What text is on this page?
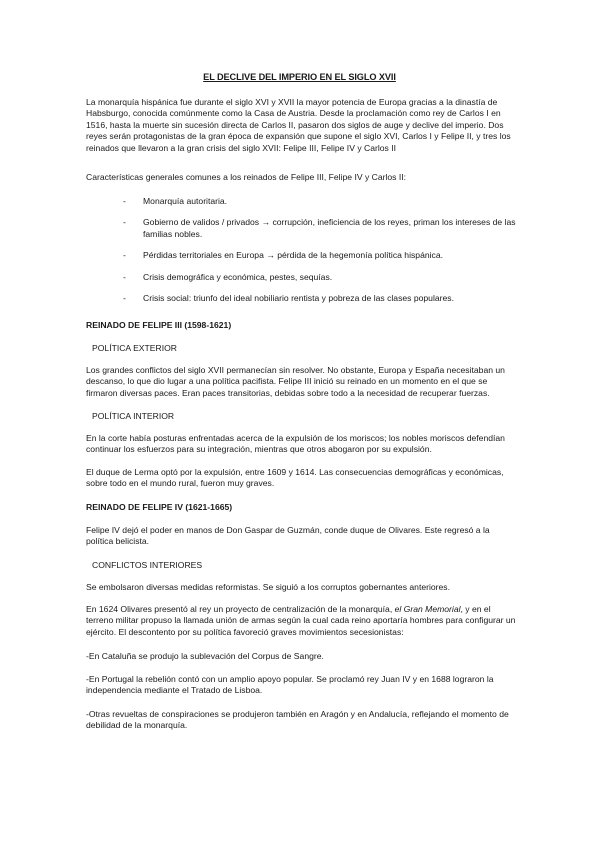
EL DECLIVE DEL IMPERIO EN EL SIGLO XVII

La monarquía hispánica fue durante el siglo XVI y XVII la mayor potencia de Europa gracias a la dinastía de Habsburgo, conocida comúnmente como la Casa de Austria. Desde la proclamación como rey de Carlos I en 1516, hasta la muerte sin sucesión directa de Carlos II, pasaron dos siglos de auge y declive del imperio. Dos reyes serán protagonistas de la gran época de expansión que supone el siglo XVI, Carlos I y Felipe II, y tres los reinados que llevaron a la gran crisis del siglo XVII: Felipe III, Felipe IV y Carlos II

Características generales comunes a los reinados de Felipe III, Felipe IV y Carlos II:

- Monarquía autoritaria.
- Gobierno de validos / privados → corrupción, ineficiencia de los reyes, priman los intereses de las familias nobles.
- Pérdidas territoriales en Europa → pérdida de la hegemonía política hispánica.
- Crisis demográfica y económica, pestes, sequías.
- Crisis social: triunfo del ideal nobiliario rentista y pobreza de las clases populares.
REINADO DE FELIPE III (1598-1621)
POLÍTICA EXTERIOR

Los grandes conflictos del siglo XVII permanecían sin resolver. No obstante, Europa y España necesitaban un descanso, lo que dio lugar a una política pacifista. Felipe III inició su reinado en un momento en el que se firmaron diversas paces. Eran paces transitorias, debidas sobre todo a la necesidad de recuperar fuerzas.

POLÍTICA INTERIOR

En la corte había posturas enfrentadas acerca de la expulsión de los moriscos; los nobles moriscos defendían continuar los esfuerzos para su integración, mientras que otros abogaron por su expulsión.

El duque de Lerma optó por la expulsión, entre 1609 y 1614. Las consecuencias demográficas y económicas, sobre todo en el mundo rural, fueron muy graves.

REINADO DE FELIPE IV (1621-1665)

Felipe IV dejó el poder en manos de Don Gaspar de Guzmán, conde duque de Olivares. Este regresó a la política belicista.

CONFLICTOS INTERIORES

Se embolsaron diversas medidas reformistas. Se siguió a los corruptos gobernantes anteriores.

En 1624 Olivares presentó al rey un proyecto de centralización de la monarquía, el Gran Memorial, y en el terreno militar propuso la llamada unión de armas según la cual cada reino aportaría hombres para configurar un ejército. El descontento por su política favoreció graves movimientos secesionistas:

-En Cataluña se produjo la sublevación del Corpus de Sangre.

-En Portugal la rebelión contó con un amplio apoyo popular. Se proclamó rey Juan IV y en 1688 lograron la independencia mediante el Tratado de Lisboa.

-Otras revueltas de conspiraciones se produjeron también en Aragón y en Andalucía, reflejando el momento de debilidad de la monarquía.
